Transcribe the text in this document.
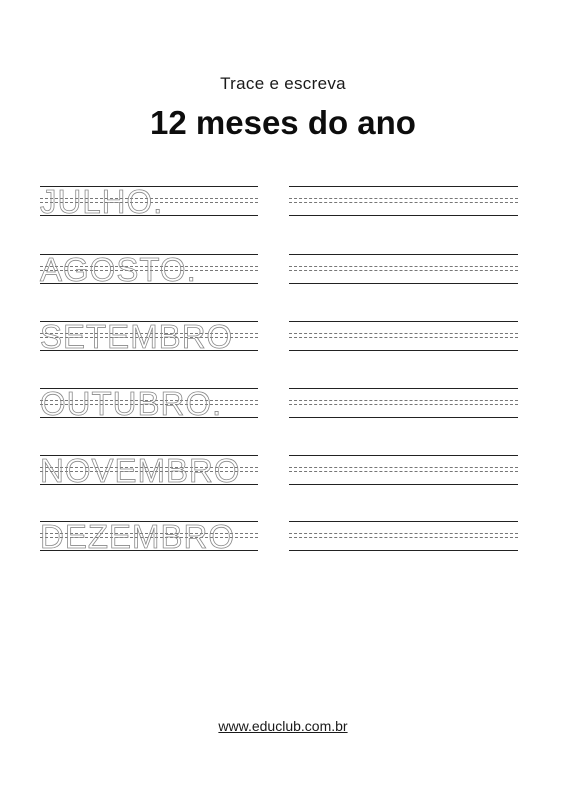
Trace e escreva
12 meses do ano
JULHO.
AGOSTO.
SETEMBRO
OUTUBRO.
NOVEMBRO
DEZEMBRO
www.educlub.com.br
